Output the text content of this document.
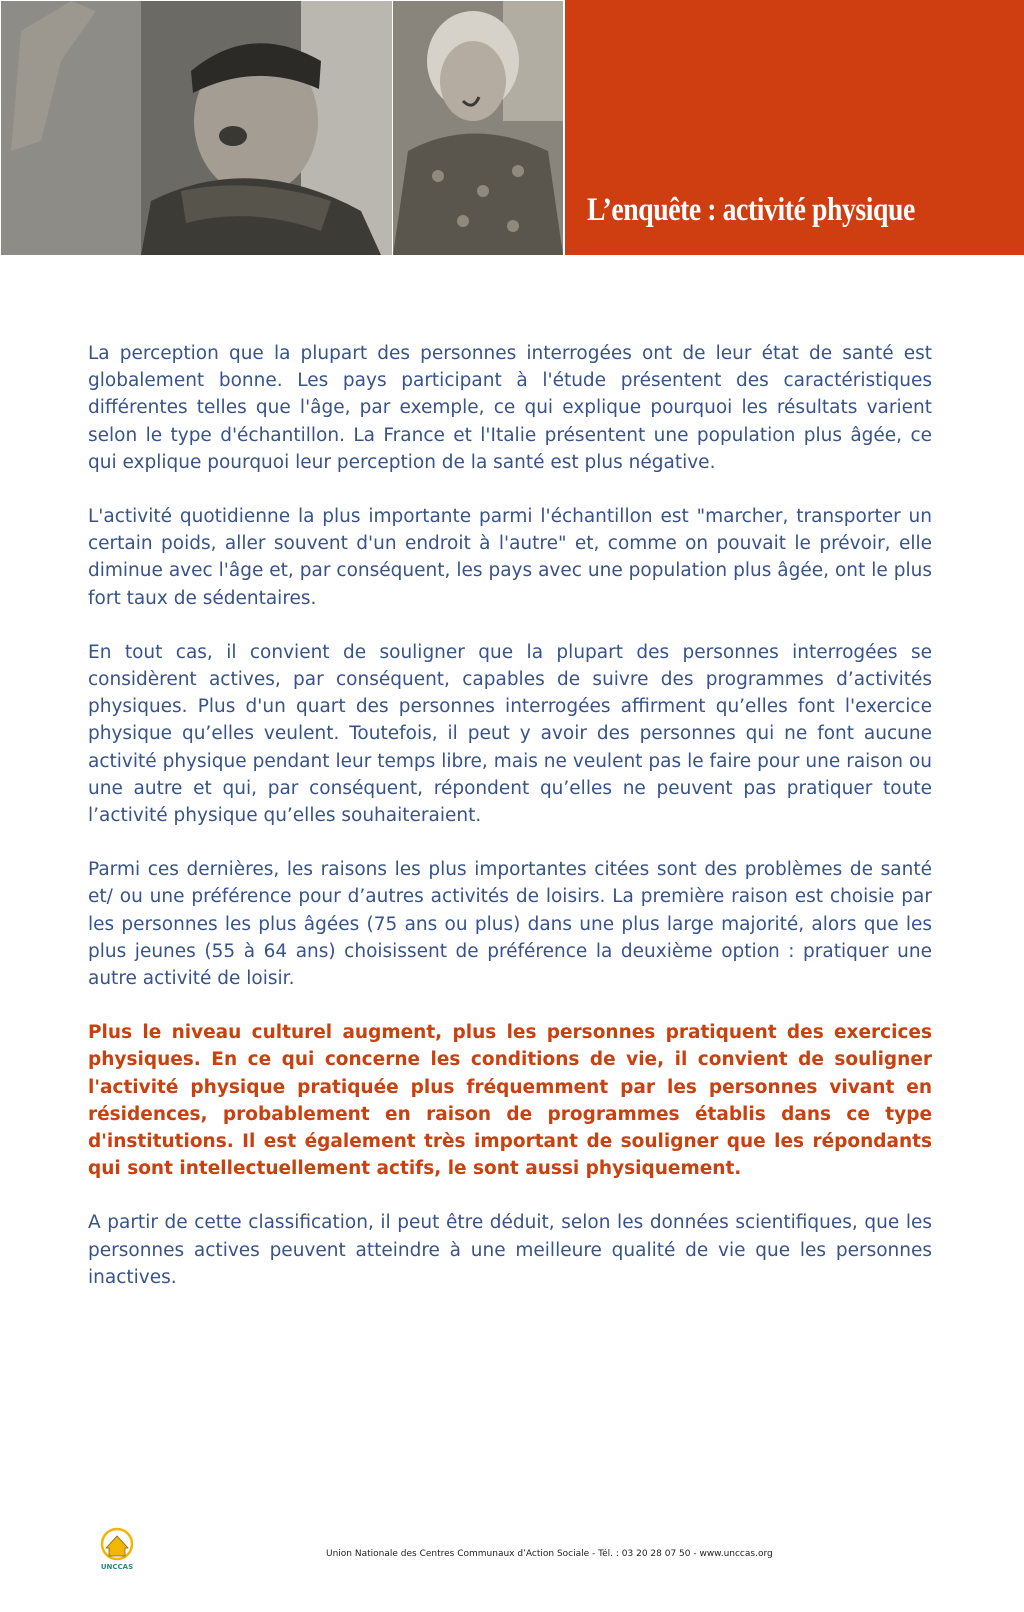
L’enquête : activité physique

La perception que la plupart des personnes interrogées ont de leur état de santé est globalement bonne. Les pays participant à l'étude présentent des caractéristiques différentes telles que l'âge, par exemple, ce qui explique pourquoi les résultats varient selon le type d'échantillon. La France et l'Italie présentent une population plus âgée, ce qui explique pourquoi leur perception de la santé est plus négative.

L'activité quotidienne la plus importante parmi l'échantillon est "marcher, transporter un certain poids, aller souvent d'un endroit à l'autre" et, comme on pouvait le prévoir, elle diminue avec l'âge et, par conséquent, les pays avec une population plus âgée, ont le plus fort taux de sédentaires.

En tout cas, il convient de souligner que la plupart des personnes interrogées se considèrent actives, par conséquent, capables de suivre des programmes d’activités physiques. Plus d'un quart des personnes interrogées affirment qu’elles font l'exercice physique qu’elles veulent. Toutefois, il peut y avoir des personnes qui ne font aucune activité physique pendant leur temps libre, mais ne veulent pas le faire pour une raison ou une autre et qui, par conséquent, répondent qu’elles ne peuvent pas pratiquer toute l’activité physique qu’elles souhaiteraient.

Parmi ces dernières, les raisons les plus importantes citées sont des problèmes de santé et/ ou une préférence pour d’autres activités de loisirs. La première raison est choisie par les personnes les plus âgées (75 ans ou plus) dans une plus large majorité, alors que les plus jeunes (55 à 64 ans) choisissent de préférence la deuxième option : pratiquer une autre activité de loisir.

Plus le niveau culturel augment, plus les personnes pratiquent des exercices physiques. En ce qui concerne les conditions de vie, il convient de souligner l'activité physique pratiquée plus fréquemment par les personnes vivant en résidences, probablement en raison de programmes établis dans ce type d'institutions. Il est également très important de souligner que les répondants qui sont intellectuellement actifs, le sont aussi physiquement.

A partir de cette classification, il peut être déduit, selon les données scientifiques, que les personnes actives peuvent atteindre à une meilleure qualité de vie que les personnes inactives.

UNCCAS

Union Nationale des Centres Communaux d’Action Sociale - Tél. : 03 20 28 07 50 - www.unccas.org
